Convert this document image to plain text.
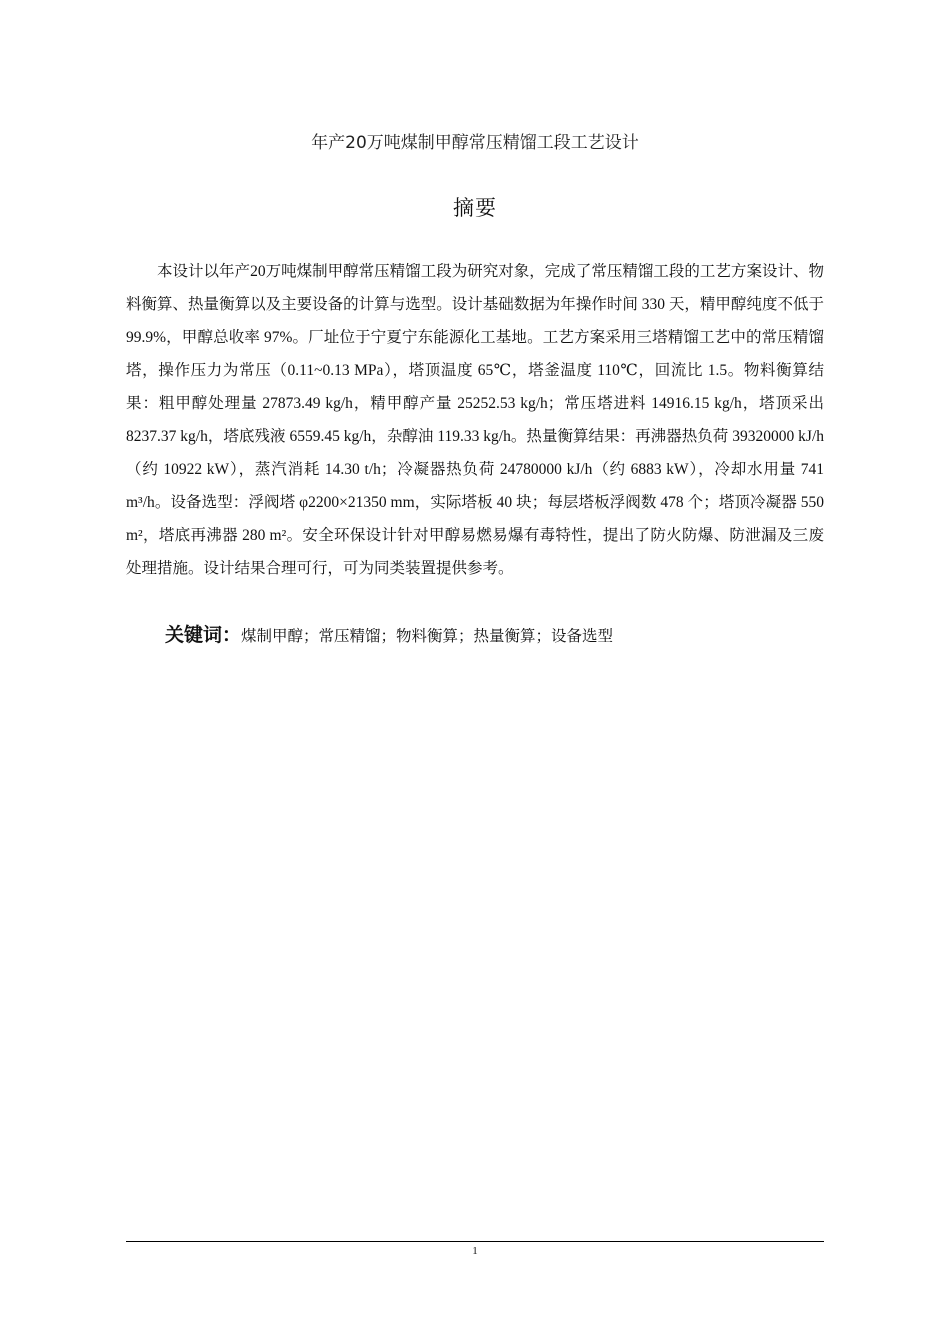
年产20万吨煤制甲醇常压精馏工段工艺设计
摘要

本设计以年产20万吨煤制甲醇常压精馏工段为研究对象，完成了常压精馏工段的工艺方案设计、物料衡算、热量衡算以及主要设备的计算与选型。设计基础数据为年操作时间 330 天，精甲醇纯度不低于 99.9%，甲醇总收率 97%。厂址位于宁夏宁东能源化工基地。工艺方案采用三塔精馏工艺中的常压精馏塔，操作压力为常压（0.11~0.13 MPa），塔顶温度 65℃，塔釜温度 110℃，回流比 1.5。物料衡算结果：粗甲醇处理量 27873.49 kg/h，精甲醇产量 25252.53 kg/h；常压塔进料 14916.15 kg/h，塔顶采出 8237.37 kg/h，塔底残液 6559.45 kg/h，杂醇油 119.33 kg/h。热量衡算结果：再沸器热负荷 39320000 kJ/h（约 10922 kW），蒸汽消耗 14.30 t/h；冷凝器热负荷 24780000 kJ/h（约 6883 kW），冷却水用量 741 m³/h。设备选型：浮阀塔 φ2200×21350 mm，实际塔板 40 块；每层塔板浮阀数 478 个；塔顶冷凝器 550 m²，塔底再沸器 280 m²。安全环保设计针对甲醇易燃易爆有毒特性，提出了防火防爆、防泄漏及三废处理措施。设计结果合理可行，可为同类装置提供参考。

关键词：煤制甲醇；常压精馏；物料衡算；热量衡算；设备选型
1
